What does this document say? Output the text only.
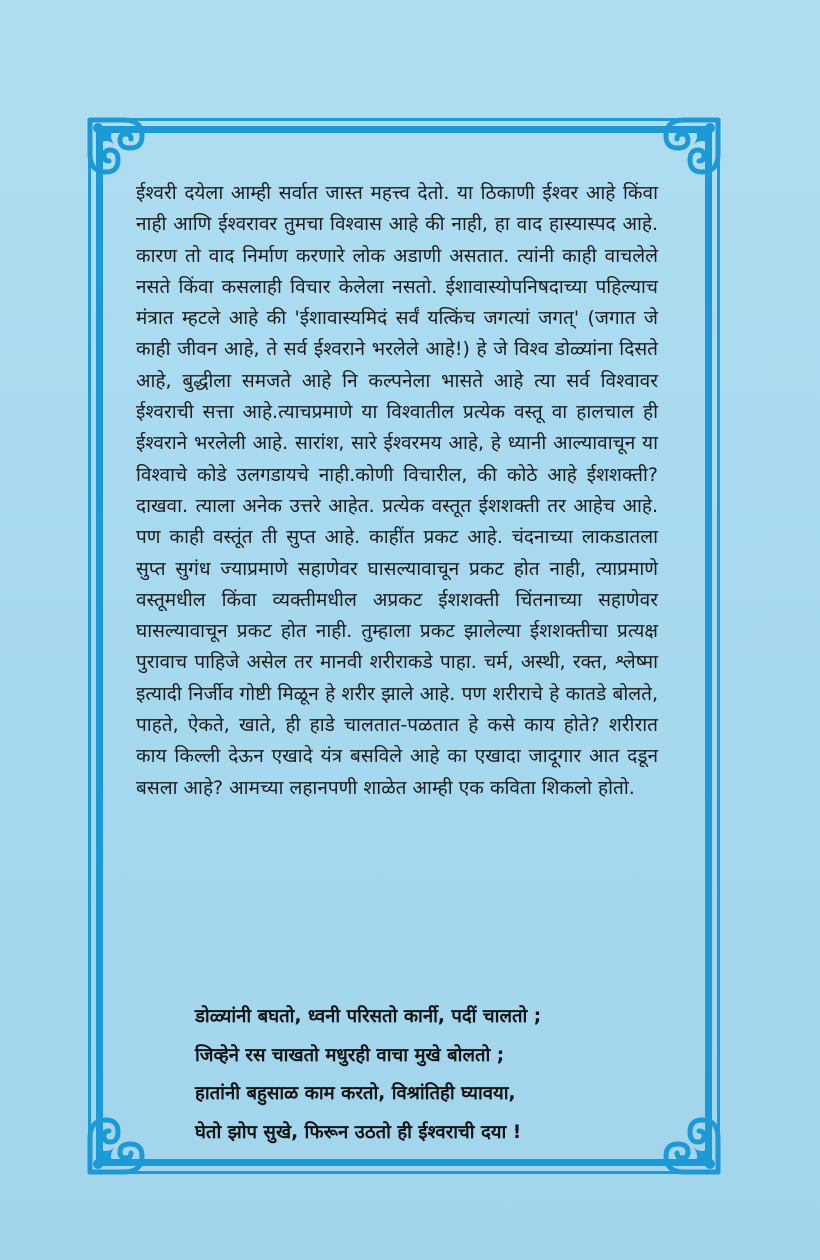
ईश्वरी दयेला आम्ही सर्वात जास्त महत्त्व देतो. या ठिकाणी ईश्वर आहे किंवा नाही आणि ईश्वरावर तुमचा विश्वास आहे की नाही, हा वाद हास्यास्पद आहे. कारण तो वाद निर्माण करणारे लोक अडाणी असतात. त्यांनी काही वाचलेले नसते किंवा कसलाही विचार केलेला नसतो. ईशावास्योपनिषदाच्या पहिल्याच मंत्रात म्हटले आहे की 'ईशावास्यमिदं सर्वं यत्किंच जगत्यां जगत्' (जगात जे काही जीवन आहे, ते सर्व ईश्वराने भरलेले आहे!) हे जे विश्व डोळ्यांना दिसते आहे, बुद्धीला समजते आहे नि कल्पनेला भासते आहे त्या सर्व विश्वावर ईश्वराची सत्ता आहे.त्याचप्रमाणे या विश्वातील प्रत्येक वस्तू वा हालचाल ही ईश्वराने भरलेली आहे. सारांश, सारे ईश्वरमय आहे, हे ध्यानी आल्यावाचून या विश्वाचे कोडे उलगडायचे नाही.कोणी विचारील, की कोठे आहे ईशशक्ती? दाखवा. त्याला अनेक उत्तरे आहेत. प्रत्येक वस्तूत ईशशक्ती तर आहेच आहे. पण काही वस्तूंत ती सुप्त आहे. काहींत प्रकट आहे. चंदनाच्या लाकडातला सुप्त सुगंध ज्याप्रमाणे सहाणेवर घासल्यावाचून प्रकट होत नाही, त्याप्रमाणे वस्तूमधील किंवा व्यक्तीमधील अप्रकट ईशशक्ती चिंतनाच्या सहाणेवर घासल्यावाचून प्रकट होत नाही. तुम्हाला प्रकट झालेल्या ईशशक्तीचा प्रत्यक्ष पुरावाच पाहिजे असेल तर मानवी शरीराकडे पाहा. चर्म, अस्थी, रक्त, श्लेष्मा इत्यादी निर्जीव गोष्टी मिळून हे शरीर झाले आहे. पण शरीराचे हे कातडे बोलते, पाहते, ऐकते, खाते, ही हाडे चालतात-पळतात हे कसे काय होते? शरीरात काय किल्ली देऊन एखादे यंत्र बसविले आहे का एखादा जादूगार आत दडून बसला आहे? आमच्या लहानपणी शाळेत आम्ही एक कविता शिकलो होतो.

डोळ्यांनी बघतो, ध्वनी परिसतो कार्नी, पदीं चालतो ;
जिव्हेने रस चाखतो मधुरही वाचा मुखे बोलतो ;
हातांनी बहुसाळ काम करतो, विश्रांतिही घ्यावया,
घेतो झोप सुखे, फिरून उठतो ही ईश्वराची दया !
